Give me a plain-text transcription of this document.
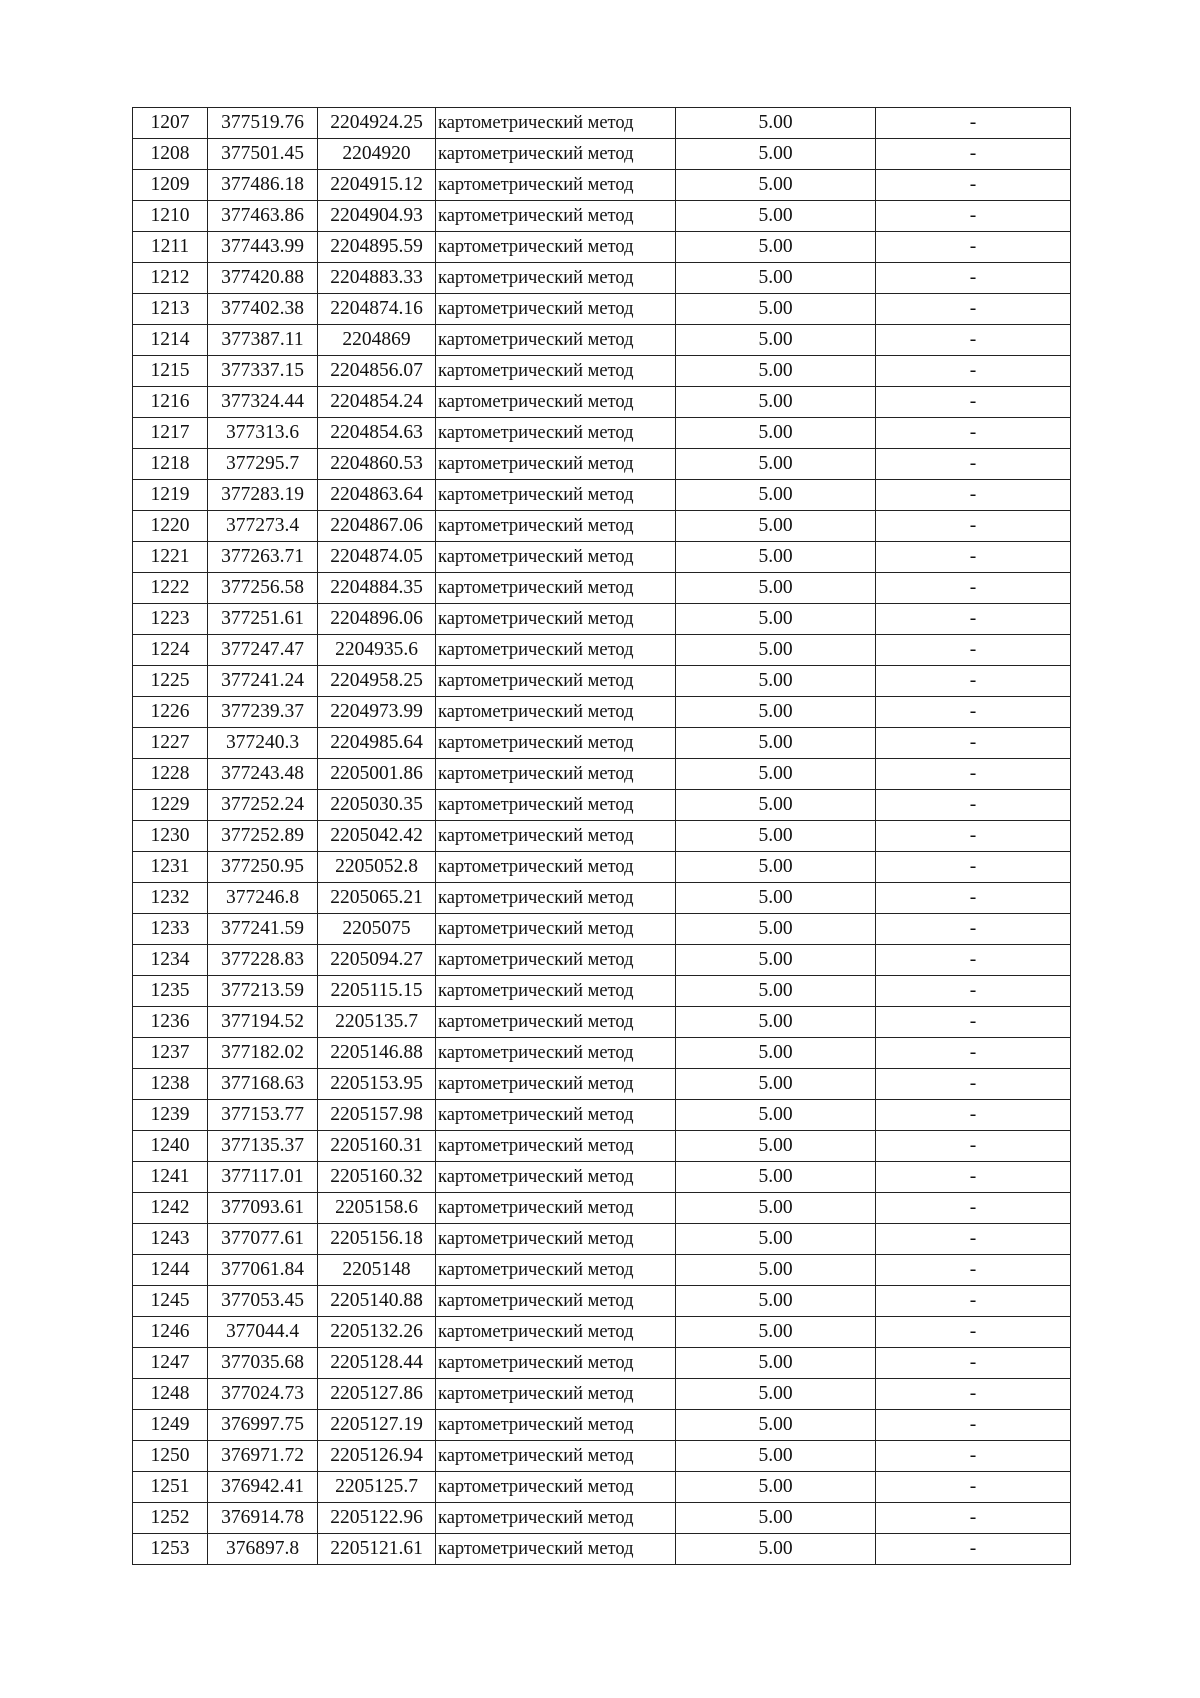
1207	377519.76	2204924.25	картометрический метод	5.00	-
1208	377501.45	2204920	картометрический метод	5.00	-
1209	377486.18	2204915.12	картометрический метод	5.00	-
1210	377463.86	2204904.93	картометрический метод	5.00	-
1211	377443.99	2204895.59	картометрический метод	5.00	-
1212	377420.88	2204883.33	картометрический метод	5.00	-
1213	377402.38	2204874.16	картометрический метод	5.00	-
1214	377387.11	2204869	картометрический метод	5.00	-
1215	377337.15	2204856.07	картометрический метод	5.00	-
1216	377324.44	2204854.24	картометрический метод	5.00	-
1217	377313.6	2204854.63	картометрический метод	5.00	-
1218	377295.7	2204860.53	картометрический метод	5.00	-
1219	377283.19	2204863.64	картометрический метод	5.00	-
1220	377273.4	2204867.06	картометрический метод	5.00	-
1221	377263.71	2204874.05	картометрический метод	5.00	-
1222	377256.58	2204884.35	картометрический метод	5.00	-
1223	377251.61	2204896.06	картометрический метод	5.00	-
1224	377247.47	2204935.6	картометрический метод	5.00	-
1225	377241.24	2204958.25	картометрический метод	5.00	-
1226	377239.37	2204973.99	картометрический метод	5.00	-
1227	377240.3	2204985.64	картометрический метод	5.00	-
1228	377243.48	2205001.86	картометрический метод	5.00	-
1229	377252.24	2205030.35	картометрический метод	5.00	-
1230	377252.89	2205042.42	картометрический метод	5.00	-
1231	377250.95	2205052.8	картометрический метод	5.00	-
1232	377246.8	2205065.21	картометрический метод	5.00	-
1233	377241.59	2205075	картометрический метод	5.00	-
1234	377228.83	2205094.27	картометрический метод	5.00	-
1235	377213.59	2205115.15	картометрический метод	5.00	-
1236	377194.52	2205135.7	картометрический метод	5.00	-
1237	377182.02	2205146.88	картометрический метод	5.00	-
1238	377168.63	2205153.95	картометрический метод	5.00	-
1239	377153.77	2205157.98	картометрический метод	5.00	-
1240	377135.37	2205160.31	картометрический метод	5.00	-
1241	377117.01	2205160.32	картометрический метод	5.00	-
1242	377093.61	2205158.6	картометрический метод	5.00	-
1243	377077.61	2205156.18	картометрический метод	5.00	-
1244	377061.84	2205148	картометрический метод	5.00	-
1245	377053.45	2205140.88	картометрический метод	5.00	-
1246	377044.4	2205132.26	картометрический метод	5.00	-
1247	377035.68	2205128.44	картометрический метод	5.00	-
1248	377024.73	2205127.86	картометрический метод	5.00	-
1249	376997.75	2205127.19	картометрический метод	5.00	-
1250	376971.72	2205126.94	картометрический метод	5.00	-
1251	376942.41	2205125.7	картометрический метод	5.00	-
1252	376914.78	2205122.96	картометрический метод	5.00	-
1253	376897.8	2205121.61	картометрический метод	5.00	-
